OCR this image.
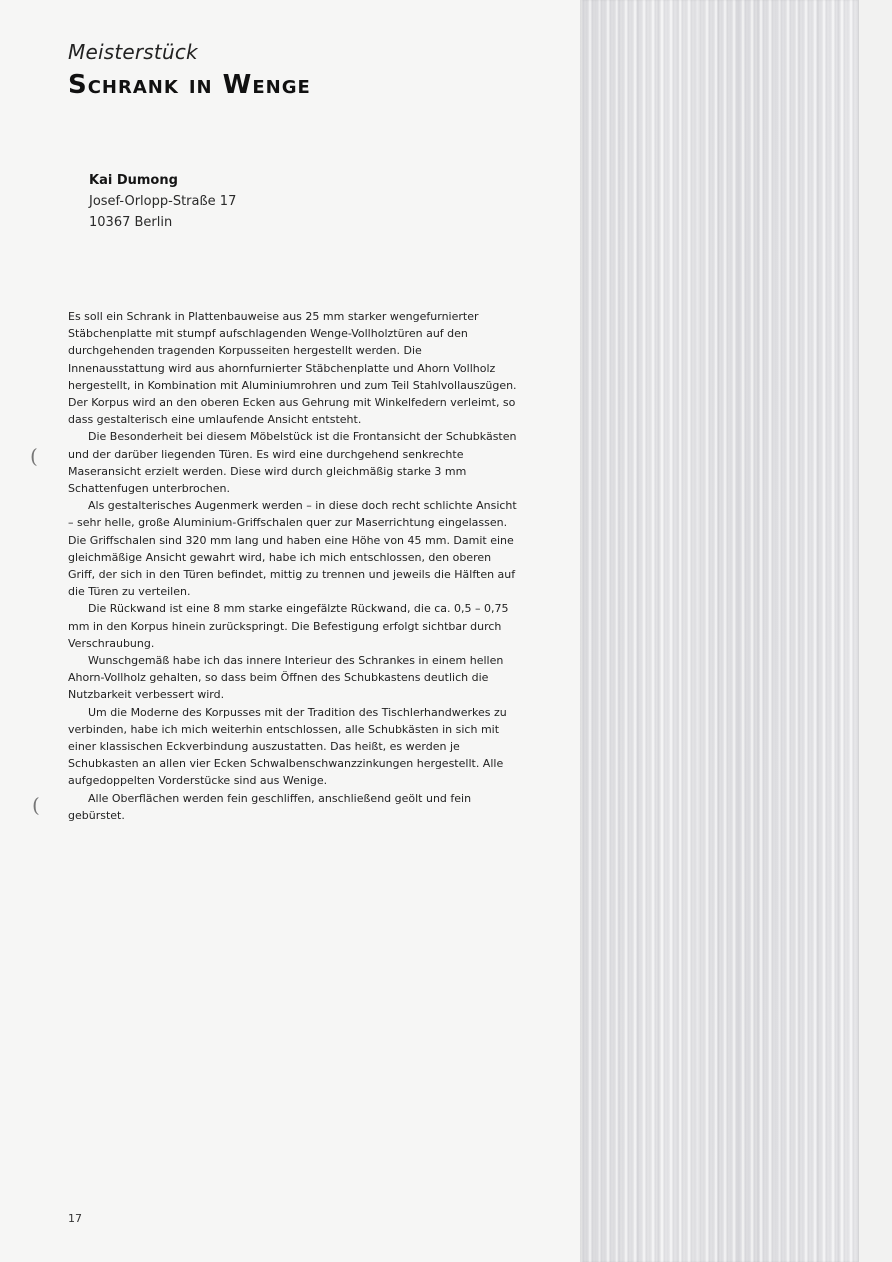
(
(
Meisterstück
Schrank in Wenge
Kai Dumong
Josef-Orlopp-Straße 17
10367 Berlin

Es soll ein Schrank in Plattenbauweise aus 25 mm starker wengefurnierter Stäbchenplatte mit stumpf aufschlagenden Wenge-Vollholztüren auf den durchgehenden tragenden Korpusseiten hergestellt werden. Die Innenausstattung wird aus ahornfurnierter Stäbchenplatte und Ahorn Vollholz hergestellt, in Kombination mit Aluminiumrohren und zum Teil Stahlvollauszügen. Der Korpus wird an den oberen Ecken aus Gehrung mit Winkelfedern verleimt, so dass gestalterisch eine umlaufende Ansicht entsteht.

Die Besonderheit bei diesem Möbelstück ist die Frontansicht der Schubkästen und der darüber liegenden Türen. Es wird eine durchgehend senkrechte Maseransicht erzielt werden. Diese wird durch gleichmäßig starke 3 mm Schattenfugen unterbrochen.

Als gestalterisches Augenmerk werden – in diese doch recht schlichte Ansicht – sehr helle, große Aluminium-Griffschalen quer zur Maserrichtung eingelassen. Die Griffschalen sind 320 mm lang und haben eine Höhe von 45 mm. Damit eine gleichmäßige Ansicht gewahrt wird, habe ich mich entschlossen, den oberen Griff, der sich in den Türen befindet, mittig zu trennen und jeweils die Hälften auf die Türen zu verteilen.

Die Rückwand ist eine 8 mm starke eingefälzte Rückwand, die ca. 0,5 – 0,75 mm in den Korpus hinein zurückspringt. Die Befestigung erfolgt sichtbar durch Verschraubung.

Wunschgemäß habe ich das innere Interieur des Schrankes in einem hellen Ahorn-Vollholz gehalten, so dass beim Öffnen des Schubkastens deutlich die Nutzbarkeit verbessert wird.

Um die Moderne des Korpusses mit der Tradition des Tischlerhandwerkes zu verbinden, habe ich mich weiterhin entschlossen, alle Schubkästen in sich mit einer klassischen Eckverbindung auszustatten. Das heißt, es werden je Schubkasten an allen vier Ecken Schwalbenschwanzzinkungen hergestellt. Alle aufgedoppelten Vorderstücke sind aus Wenige.

Alle Oberflächen werden fein geschliffen, anschließend geölt und fein gebürstet.

17
